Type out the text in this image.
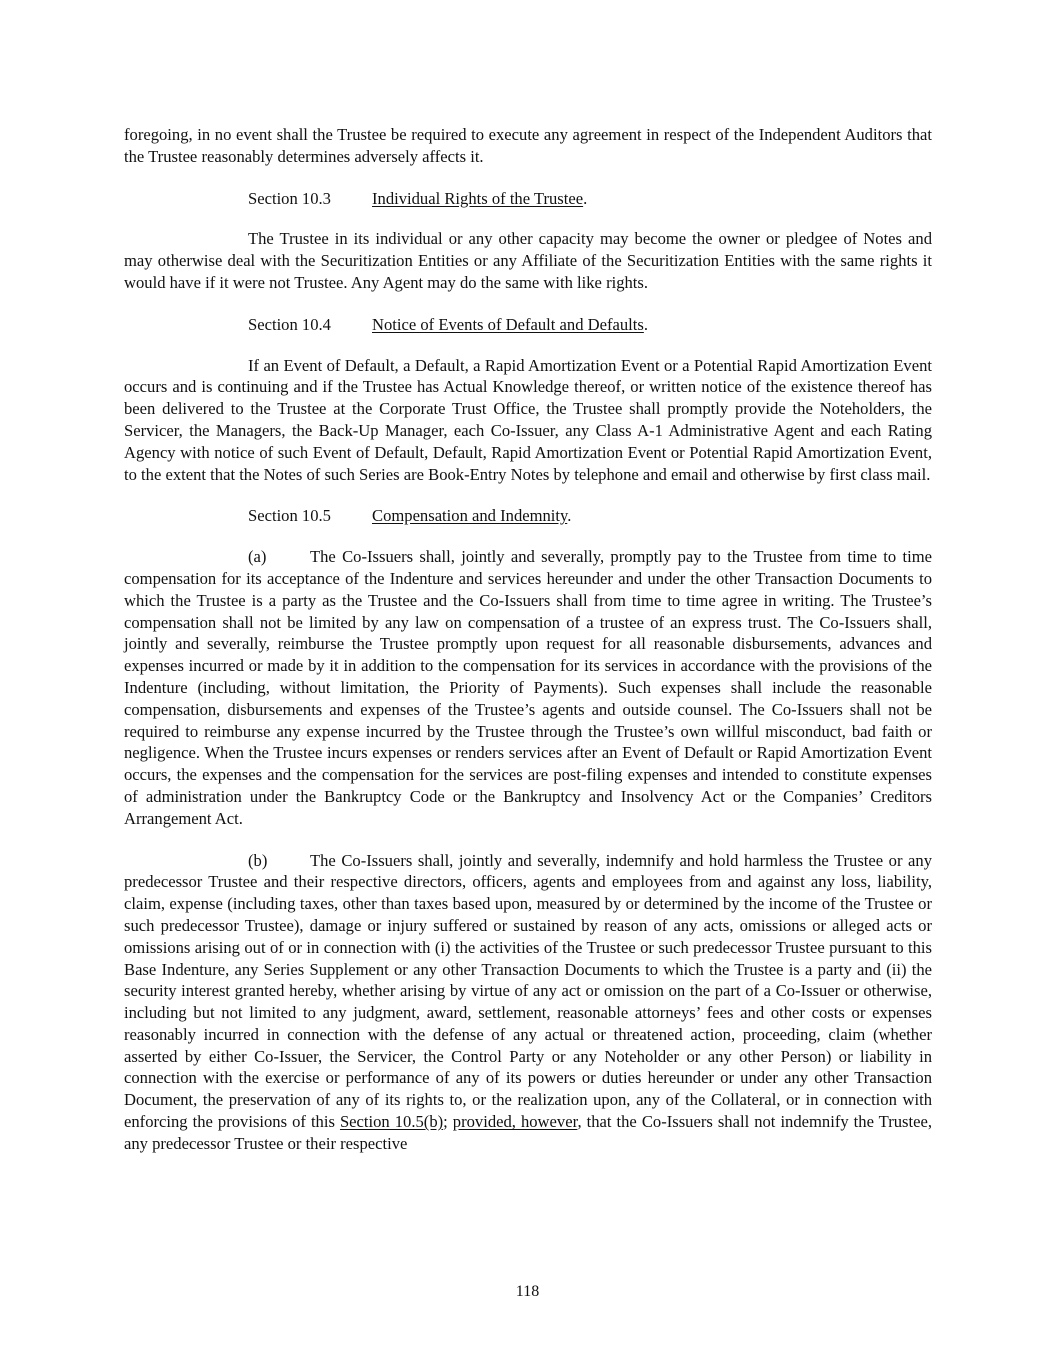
foregoing, in no event shall the Trustee be required to execute any agreement in respect of the Independent Auditors that the Trustee reasonably determines adversely affects it.

Section 10.3 Individual Rights of the Trustee.

The Trustee in its individual or any other capacity may become the owner or pledgee of Notes and may otherwise deal with the Securitization Entities or any Affiliate of the Securitization Entities with the same rights it would have if it were not Trustee. Any Agent may do the same with like rights.

Section 10.4 Notice of Events of Default and Defaults.

If an Event of Default, a Default, a Rapid Amortization Event or a Potential Rapid Amortization Event occurs and is continuing and if the Trustee has Actual Knowledge thereof, or written notice of the existence thereof has been delivered to the Trustee at the Corporate Trust Office, the Trustee shall promptly provide the Noteholders, the Servicer, the Managers, the Back-Up Manager, each Co-Issuer, any Class A-1 Administrative Agent and each Rating Agency with notice of such Event of Default, Default, Rapid Amortization Event or Potential Rapid Amortization Event, to the extent that the Notes of such Series are Book-Entry Notes by telephone and email and otherwise by first class mail.

Section 10.5 Compensation and Indemnity.

(a)	The Co-Issuers shall, jointly and severally, promptly pay to the Trustee from time to time compensation for its acceptance of the Indenture and services hereunder and under the other Transaction Documents to which the Trustee is a party as the Trustee and the Co-Issuers shall from time to time agree in writing. The Trustee’s compensation shall not be limited by any law on compensation of a trustee of an express trust. The Co-Issuers shall, jointly and severally, reimburse the Trustee promptly upon request for all reasonable disbursements, advances and expenses incurred or made by it in addition to the compensation for its services in accordance with the provisions of the Indenture (including, without limitation, the Priority of Payments). Such expenses shall include the reasonable compensation, disbursements and expenses of the Trustee’s agents and outside counsel. The Co-Issuers shall not be required to reimburse any expense incurred by the Trustee through the Trustee’s own willful misconduct, bad faith or negligence. When the Trustee incurs expenses or renders services after an Event of Default or Rapid Amortization Event occurs, the expenses and the compensation for the services are post-filing expenses and intended to constitute expenses of administration under the Bankruptcy Code or the Bankruptcy and Insolvency Act or the Companies’ Creditors Arrangement Act.

(b)	The Co-Issuers shall, jointly and severally, indemnify and hold harmless the Trustee or any predecessor Trustee and their respective directors, officers, agents and employees from and against any loss, liability, claim, expense (including taxes, other than taxes based upon, measured by or determined by the income of the Trustee or such predecessor Trustee), damage or injury suffered or sustained by reason of any acts, omissions or alleged acts or omissions arising out of or in connection with (i) the activities of the Trustee or such predecessor Trustee pursuant to this Base Indenture, any Series Supplement or any other Transaction Documents to which the Trustee is a party and (ii) the security interest granted hereby, whether arising by virtue of any act or omission on the part of a Co-Issuer or otherwise, including but not limited to any judgment, award, settlement, reasonable attorneys’ fees and other costs or expenses reasonably incurred in connection with the defense of any actual or threatened action, proceeding, claim (whether asserted by either Co-Issuer, the Servicer, the Control Party or any Noteholder or any other Person) or liability in connection with the exercise or performance of any of its powers or duties hereunder or under any other Transaction Document, the preservation of any of its rights to, or the realization upon, any of the Collateral, or in connection with enforcing the provisions of this Section 10.5(b); provided, however, that the Co-Issuers shall not indemnify the Trustee, any predecessor Trustee or their respective

118
